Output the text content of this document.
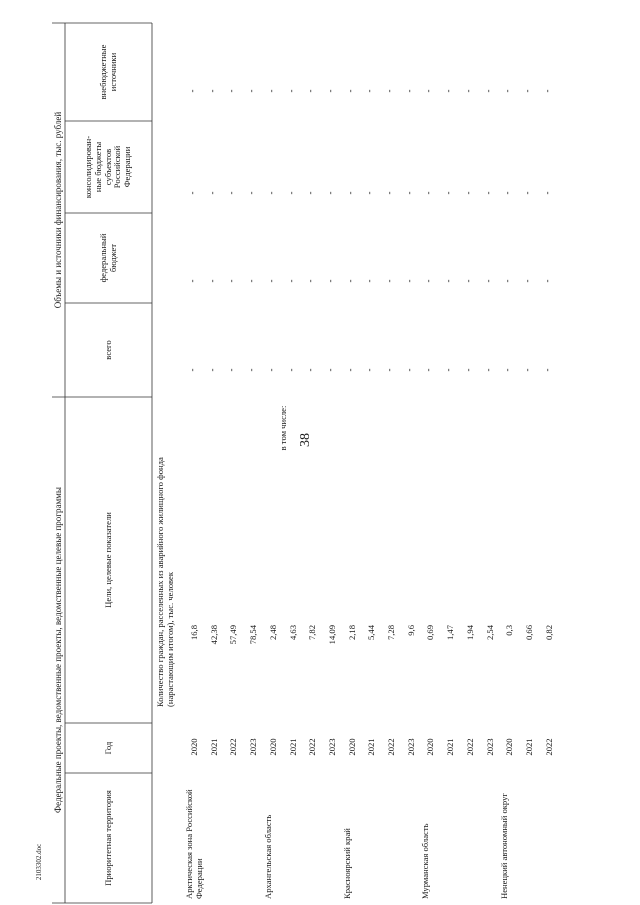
38
2103302.doc
Федеральные проекты, ведомственные проекты, ведомственные целевые программы
Объемы и источники финансирования, тыс. рублей
Приоритетная территория
Год
Цели, целевые показатели
всего
федеральный бюджет
консолидирован-ные бюджеты субъектов Российской Федерации
внебюджетные источники
Количество граждан, расселенных из аварийного жилищного фонда (нарастающим итогом), тыс. человек
в том числе:
Арктическая зона Российской Федерации
2020
16,8
-
-
-
-
2021
42,38
-
-
-
-
2022
57,49
-
-
-
-
2023
78,54
-
-
-
-
Архангельская область
2020
2,48
-
-
-
-
2021
4,63
-
-
-
-
2022
7,82
-
-
-
-
2023
14,09
-
-
-
-
Красноярский край
2020
2,18
-
-
-
-
2021
5,44
-
-
-
-
2022
7,28
-
-
-
-
2023
9,6
-
-
-
-
Мурманская область
2020
0,69
-
-
-
-
2021
1,47
-
-
-
-
2022
1,94
-
-
-
-
2023
2,54
-
-
-
-
Ненецкий автономный округ
2020
0,3
-
-
-
-
2021
0,66
-
-
-
-
2022
0,82
-
-
-
-
